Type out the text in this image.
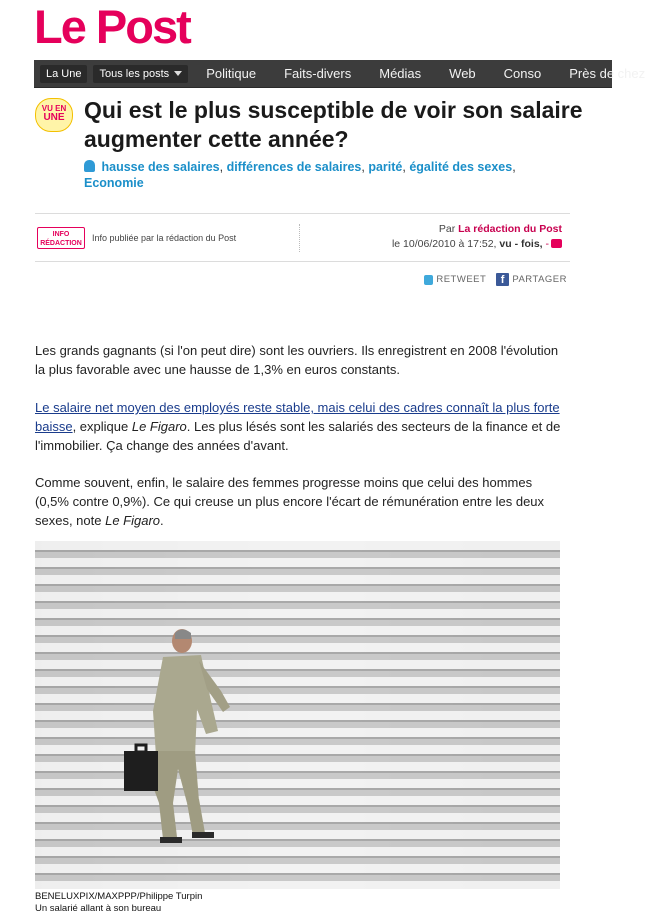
Le Post
La Une	Tous les posts	Politique	Faits-divers	Médias	Web	Conso	Près de chez
VU EN
UNE Qui est le plus susceptible de voir son salaire augmenter cette année?
hausse des salaires, différences de salaires, parité, égalité des sexes,
Economie
INFO
RÉDACTION
Info publiée par la rédaction du Post
Par La rédaction du Post
le 10/06/2010 à 17:52, vu - fois, -
RETWEET	f PARTAGER

Les grands gagnants (si l'on peut dire) sont les ouvriers. Ils enregistrent en 2008 l'évolution la plus favorable avec une hausse de 1,3% en euros constants.

Le salaire net moyen des employés reste stable, mais celui des cadres connaît la plus forte baisse, explique Le Figaro. Les plus lésés sont les salariés des secteurs de la finance et de l'immobilier. Ça change des années d'avant.

Comme souvent, enfin, le salaire des femmes progresse moins que celui des hommes (0,5% contre 0,9%). Ce qui creuse un plus encore l'écart de rémunération entre les deux sexes, note Le Figaro.

BENELUXPIX/MAXPPP/Philippe Turpin
Un salarié allant à son bureau
